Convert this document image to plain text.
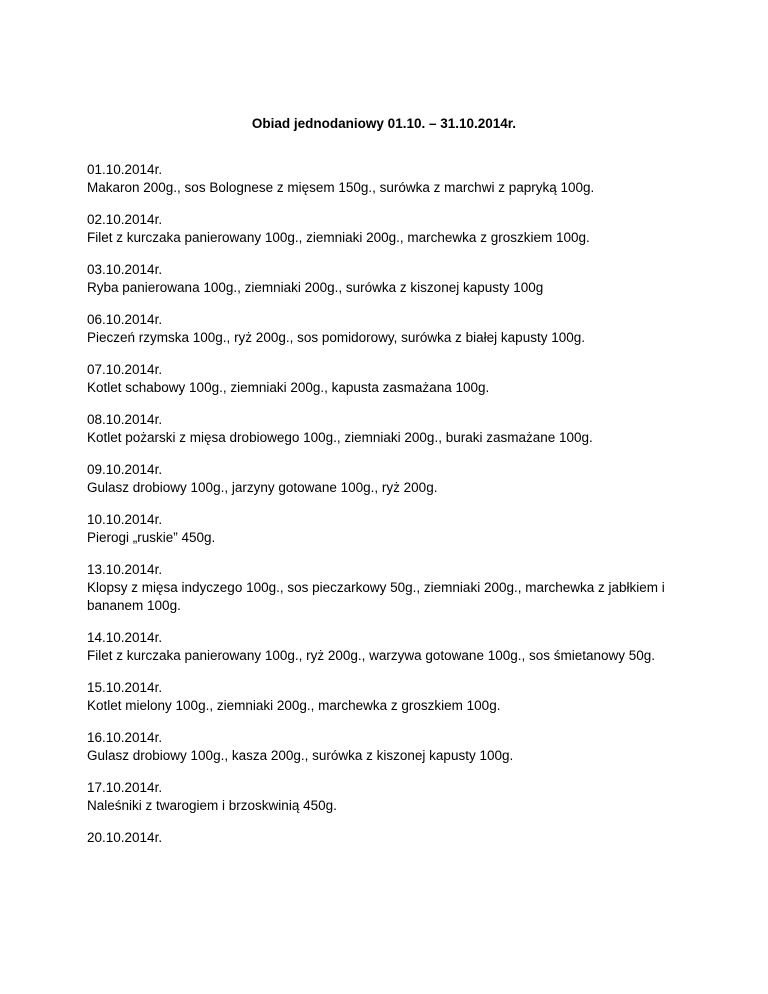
Obiad jednodaniowy 01.10. – 31.10.2014r.
01.10.2014r.
Makaron 200g., sos Bolognese z mięsem 150g., surówka z marchwi z papryką 100g.
02.10.2014r.
Filet z kurczaka panierowany 100g., ziemniaki 200g., marchewka z groszkiem 100g.
03.10.2014r.
Ryba panierowana 100g., ziemniaki 200g., surówka z kiszonej kapusty 100g
06.10.2014r.
Pieczeń rzymska 100g., ryż 200g., sos pomidorowy, surówka z białej kapusty 100g.
07.10.2014r.
Kotlet schabowy 100g., ziemniaki 200g., kapusta zasmażana 100g.
08.10.2014r.
Kotlet pożarski z mięsa drobiowego 100g., ziemniaki 200g., buraki zasmażane 100g.
09.10.2014r.
Gulasz drobiowy 100g., jarzyny gotowane 100g., ryż 200g.
10.10.2014r.
Pierogi „ruskie” 450g.
13.10.2014r.
Klopsy z mięsa indyczego 100g., sos pieczarkowy 50g., ziemniaki 200g., marchewka z jabłkiem i bananem 100g.
14.10.2014r.
Filet z kurczaka panierowany 100g., ryż 200g., warzywa gotowane 100g., sos śmietanowy 50g.
15.10.2014r.
Kotlet mielony 100g., ziemniaki 200g., marchewka z groszkiem 100g.
16.10.2014r.
Gulasz drobiowy 100g., kasza 200g., surówka z kiszonej kapusty 100g.
17.10.2014r.
Naleśniki z twarogiem i brzoskwinią 450g.
20.10.2014r.
